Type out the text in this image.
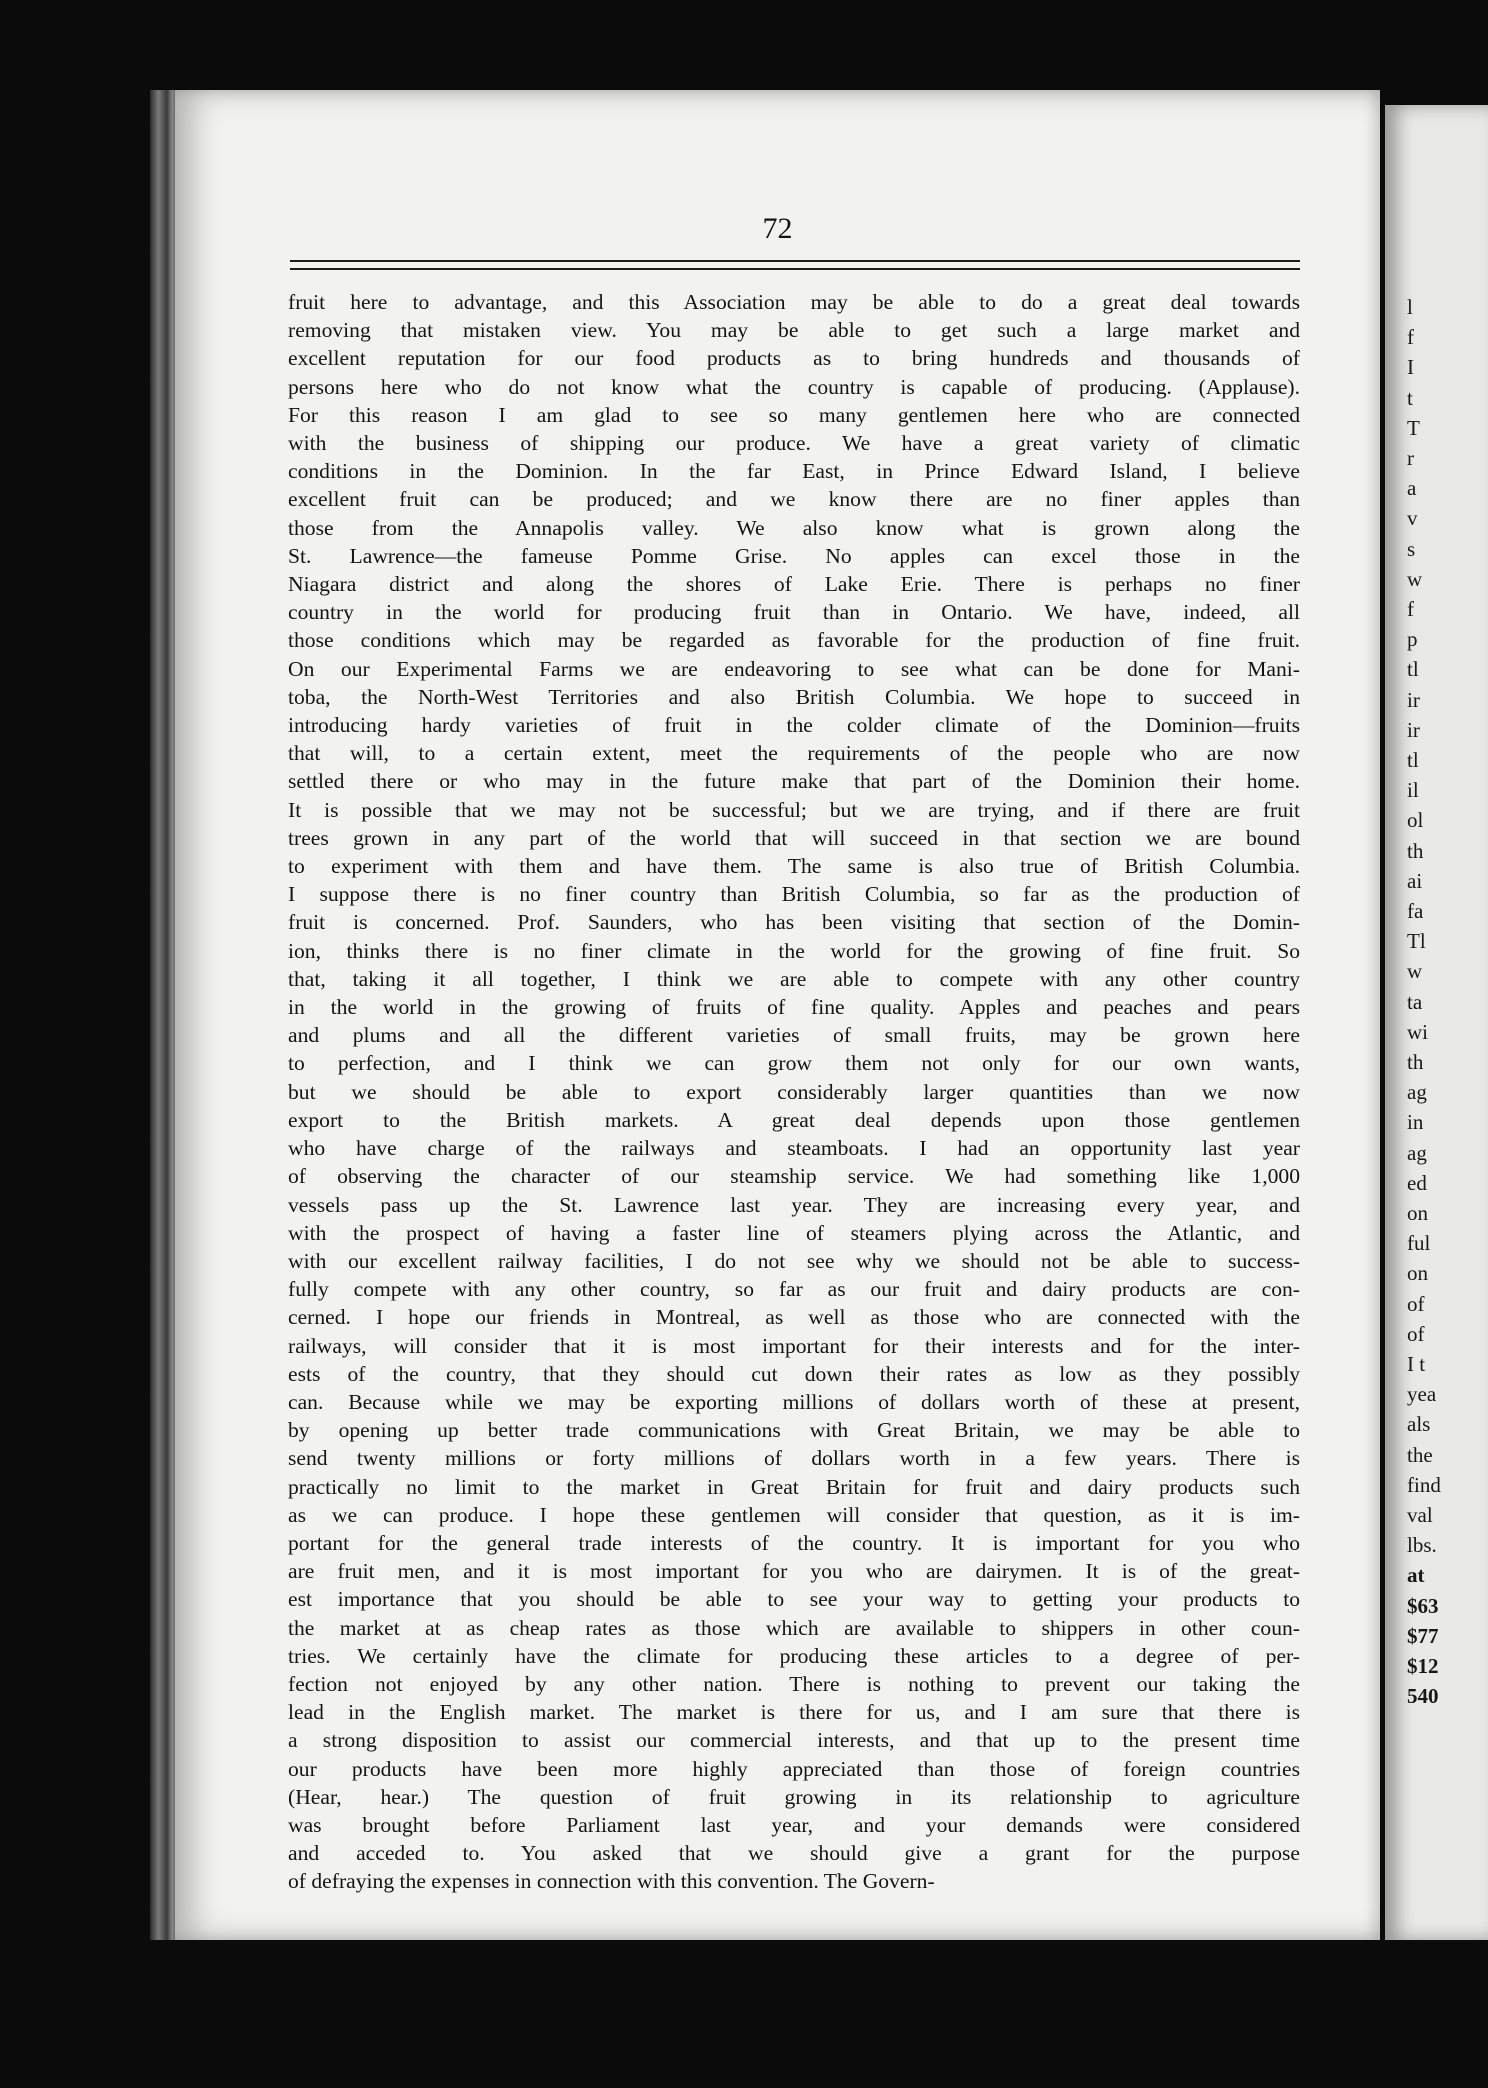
72
fruit here to advantage, and this Association may be able to do a great deal towards
removing that mistaken view. You may be able to get such a large market and
excellent reputation for our food products as to bring hundreds and thousands of
persons here who do not know what the country is capable of producing. (Applause).
For this reason I am glad to see so many gentlemen here who are connected
with the business of shipping our produce. We have a great variety of climatic
conditions in the Dominion. In the far East, in Prince Edward Island, I believe
excellent fruit can be produced; and we know there are no finer apples than
those from the Annapolis valley. We also know what is grown along the
St. Lawrence—the fameuse Pomme Grise. No apples can excel those in the
Niagara district and along the shores of Lake Erie. There is perhaps no finer
country in the world for producing fruit than in Ontario. We have, indeed, all
those conditions which may be regarded as favorable for the production of fine fruit.
On our Experimental Farms we are endeavoring to see what can be done for Mani-
toba, the North-West Territories and also British Columbia. We hope to succeed in
introducing hardy varieties of fruit in the colder climate of the Dominion—fruits
that will, to a certain extent, meet the requirements of the people who are now
settled there or who may in the future make that part of the Dominion their home.
It is possible that we may not be successful; but we are trying, and if there are fruit
trees grown in any part of the world that will succeed in that section we are bound
to experiment with them and have them. The same is also true of British Columbia.
I suppose there is no finer country than British Columbia, so far as the production of
fruit is concerned. Prof. Saunders, who has been visiting that section of the Domin-
ion, thinks there is no finer climate in the world for the growing of fine fruit. So
that, taking it all together, I think we are able to compete with any other country
in the world in the growing of fruits of fine quality. Apples and peaches and pears
and plums and all the different varieties of small fruits, may be grown here
to perfection, and I think we can grow them not only for our own wants,
but we should be able to export considerably larger quantities than we now
export to the British markets. A great deal depends upon those gentlemen
who have charge of the railways and steamboats. I had an opportunity last year
of observing the character of our steamship service. We had something like 1,000
vessels pass up the St. Lawrence last year. They are increasing every year, and
with the prospect of having a faster line of steamers plying across the Atlantic, and
with our excellent railway facilities, I do not see why we should not be able to success-
fully compete with any other country, so far as our fruit and dairy products are con-
cerned. I hope our friends in Montreal, as well as those who are connected with the
railways, will consider that it is most important for their interests and for the inter-
ests of the country, that they should cut down their rates as low as they possibly
can. Because while we may be exporting millions of dollars worth of these at present,
by opening up better trade communications with Great Britain, we may be able to
send twenty millions or forty millions of dollars worth in a few years. There is
practically no limit to the market in Great Britain for fruit and dairy products such
as we can produce. I hope these gentlemen will consider that question, as it is im-
portant for the general trade interests of the country. It is important for you who
are fruit men, and it is most important for you who are dairymen. It is of the great-
est importance that you should be able to see your way to getting your products to
the market at as cheap rates as those which are available to shippers in other coun-
tries. We certainly have the climate for producing these articles to a degree of per-
fection not enjoyed by any other nation. There is nothing to prevent our taking the
lead in the English market. The market is there for us, and I am sure that there is
a strong disposition to assist our commercial interests, and that up to the present time
our products have been more highly appreciated than those of foreign countries
(Hear, hear.) The question of fruit growing in its relationship to agriculture
was brought before Parliament last year, and your demands were considered
and acceded to. You asked that we should give a grant for the purpose
of defraying the expenses in connection with this convention. The Govern-
l
f
I
t
T
r
a
v
s
w
f
p
tl
ir
ir
tl
il
ol
th
ai
fa
Tl
w
ta
wi
th
ag
in
ag
ed
on
ful
on
of
of
I t
yea
als
the
find
val
lbs.
at
$63
$77
$12
540
